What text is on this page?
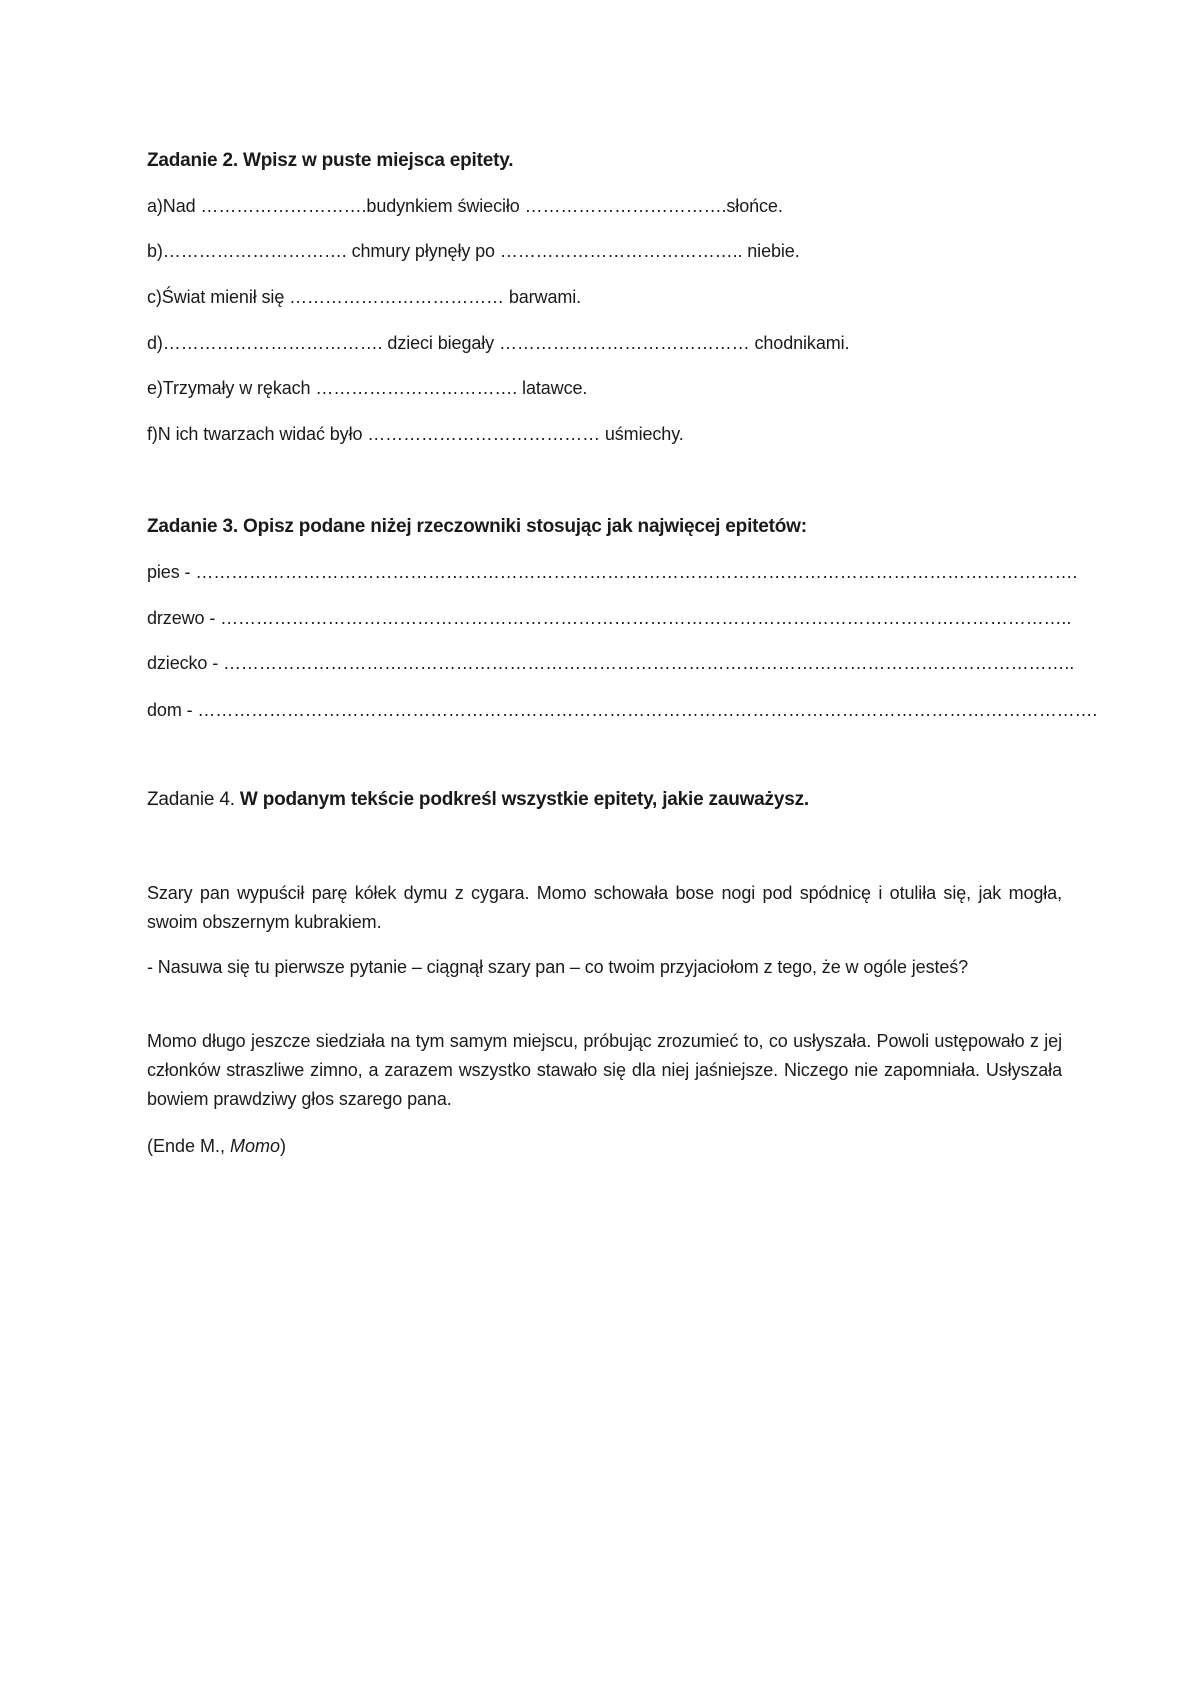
Zadanie 2. Wpisz w puste miejsca epitety.
a)Nad ……………………….budynkiem świeciło …………………………….słońce.
b)…………………………. chmury płynęły po ………………………………….. niebie.
c)Świat mienił się ……………………………… barwami.
d)………………………………. dzieci biegały …………………………………… chodnikami.
e)Trzymały w rękach ……………………………. latawce.
f)N ich twarzach widać było ………………………………… uśmiechy.
Zadanie 3. Opisz podane niżej rzeczowniki stosując jak najwięcej epitetów:
pies - ………………………………………………………………………………………………………………………………….
drzewo - ……………………………………………………………………………………………………………………………..
dziecko - ……………………………………………………………………………………………………………………………..
dom - …………………………………………………………………………………………………………………………………….
Zadanie 4. W podanym tekście podkreśl wszystkie epitety, jakie zauważysz.
Szary pan wypuścił parę kółek dymu z cygara. Momo schowała bose nogi pod spódnicę i otuliła się, jak mogła, swoim obszernym kubrakiem.
- Nasuwa się tu pierwsze pytanie – ciągnął szary pan – co twoim przyjaciołom z tego, że w ogóle jesteś?
Momo długo jeszcze siedziała na tym samym miejscu, próbując zrozumieć to, co usłyszała. Powoli ustępowało z jej członków straszliwe zimno, a zarazem wszystko stawało się dla niej jaśniejsze. Niczego nie zapomniała. Usłyszała bowiem prawdziwy głos szarego pana.
(Ende M., Momo)
